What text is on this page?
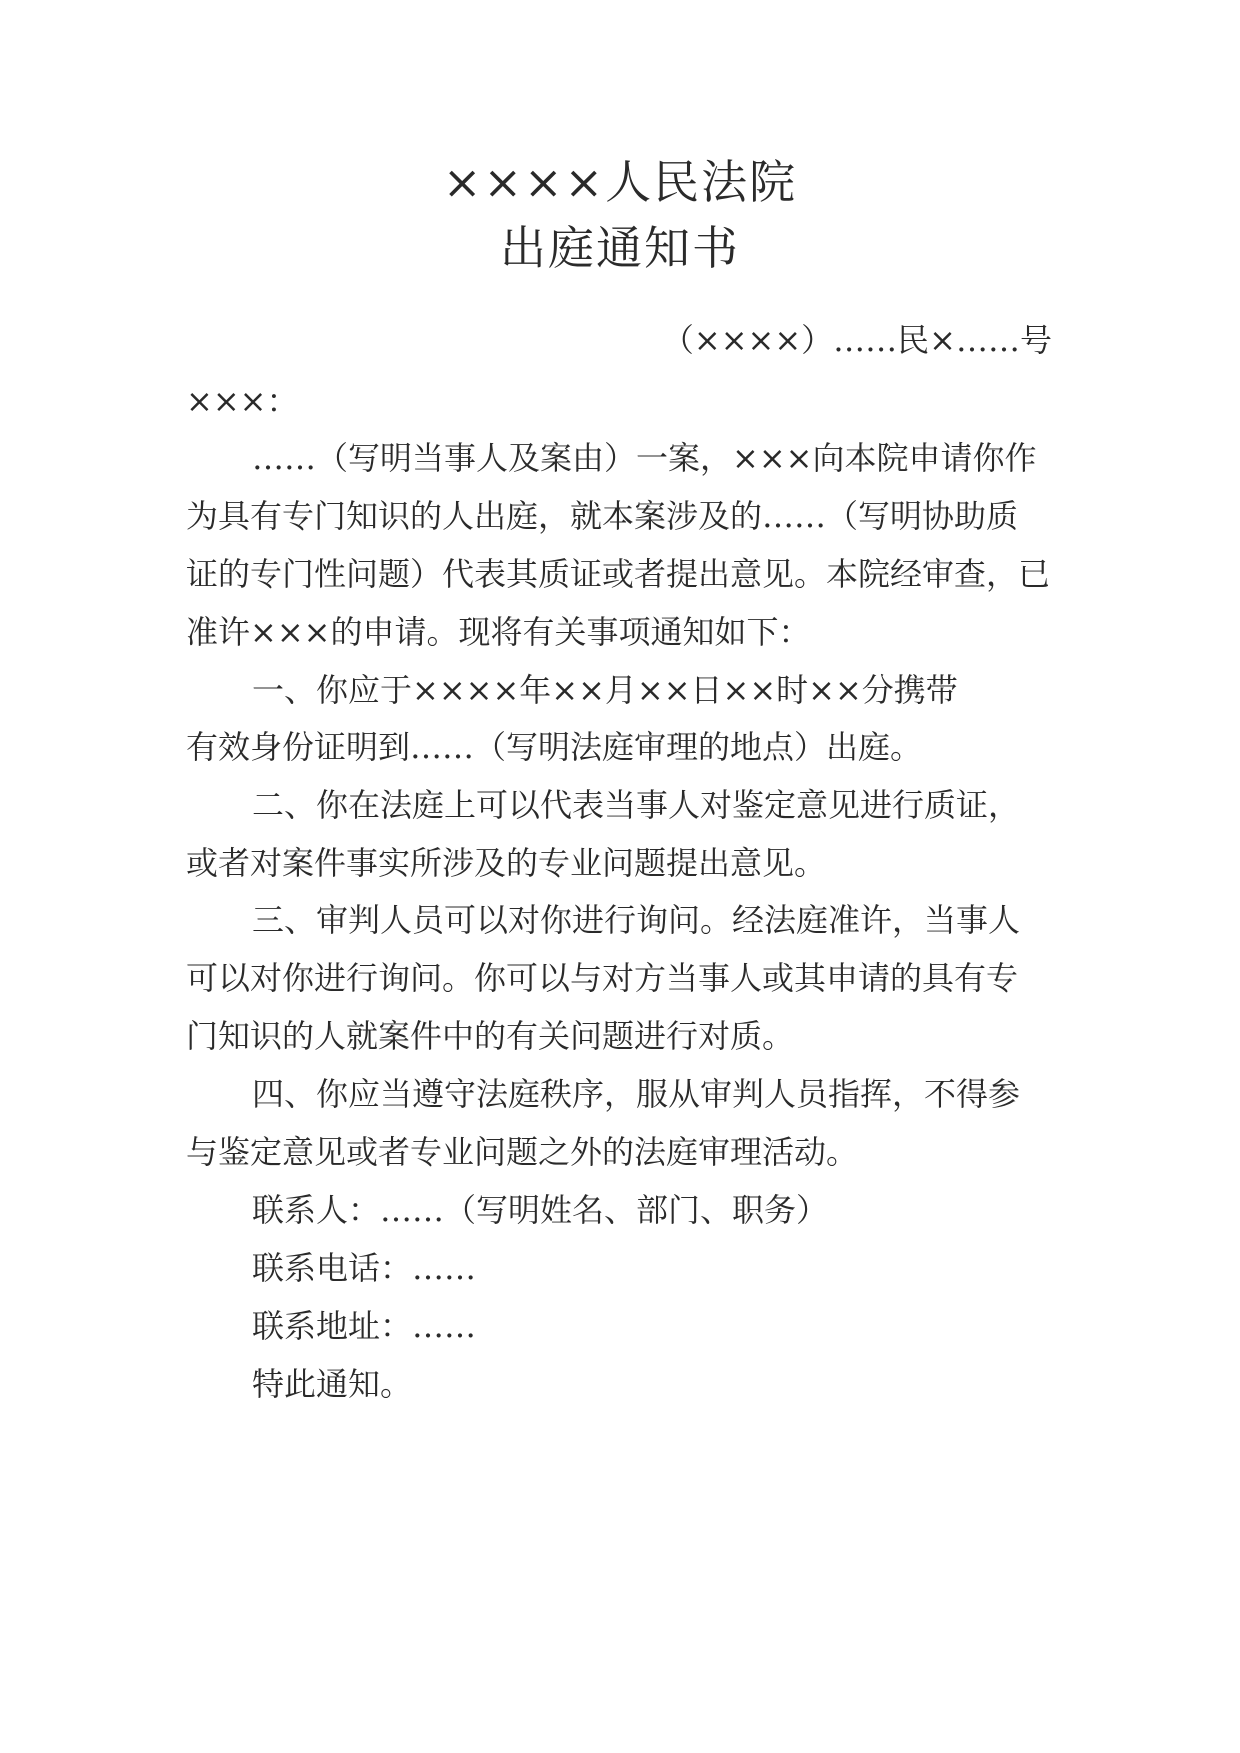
××××人民法院
出庭通知书
（××××）……民×……号
×××：
……（写明当事人及案由）一案，×××向本院申请你作
为具有专门知识的人出庭，就本案涉及的……（写明协助质
证的专门性问题）代表其质证或者提出意见。本院经审查，已
准许×××的申请。现将有关事项通知如下：
一、你应于××××年××月××日××时××分携带
有效身份证明到……（写明法庭审理的地点）出庭。
二、你在法庭上可以代表当事人对鉴定意见进行质证，
或者对案件事实所涉及的专业问题提出意见。
三、审判人员可以对你进行询问。经法庭准许，当事人
可以对你进行询问。你可以与对方当事人或其申请的具有专
门知识的人就案件中的有关问题进行对质。
四、你应当遵守法庭秩序，服从审判人员指挥，不得参
与鉴定意见或者专业问题之外的法庭审理活动。
联系人：……（写明姓名、部门、职务）
联系电话：……
联系地址：……
特此通知。
